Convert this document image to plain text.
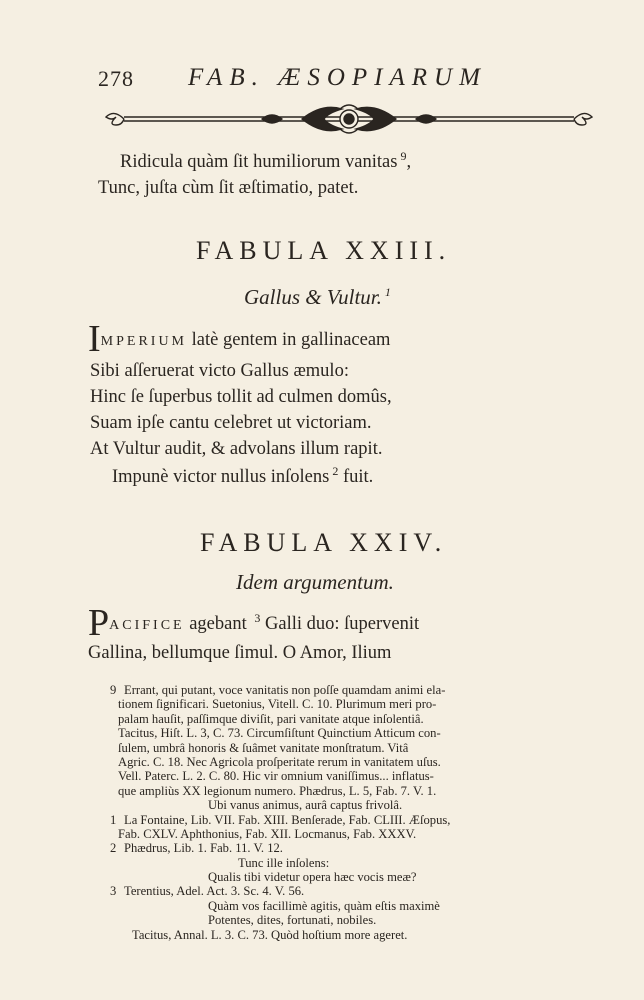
278 FAB. ÆSOPIARUM
Ridicula quàm ſit humiliorum vanitas $^9$,
Tunc, juſta cùm ſit æſtimatio, patet.
FABULA XXIII.
Gallus & Vultur. $^1$
IMPERIUM latè gentem in gallinaceam
Sibi aſſeruerat victo Gallus æmulo:
Hinc ſe ſuperbus tollit ad culmen domûs,
Suam ipſe cantu celebret ut victoriam.
At Vultur audit, & advolans illum rapit.
Impunè victor nullus inſolens $^2$ fuit.
FABULA XXIV.
Idem argumentum.
PACIFICE agebant $^3$ Galli duo: ſupervenit
Gallina, bellumque ſimul. O Amor, Ilium
9 Errant, qui putant, voce vanitatis non poſſe quamdam animi ela-
tionem ſignificari. Suetonius, Vitell. C. 10. Plurimum meri pro-
palam hauſit, paſſimque diviſit, pari vanitate atque inſolentiâ.
Tacitus, Hiſt. L. 3, C. 73. Circumſiſtunt Quinctium Atticum con-
ſulem, umbrâ honoris & ſuâmet vanitate monſtratum. Vitâ
Agric. C. 18. Nec Agricola proſperitate rerum in vanitatem uſus.
Vell. Paterc. L. 2. C. 80. Hic vir omnium vaniſſimus... inflatus-
que ampliùs XX legionum numero. Phædrus, L. 5, Fab. 7. V. 1.
Ubi vanus animus, aurâ captus frivolâ.
1 La Fontaine, Lib. VII. Fab. XIII. Benſerade, Fab. CLIII. Æſopus,
Fab. CXLV. Aphthonius, Fab. XII. Locmanus, Fab. XXXV.
2 Phædrus, Lib. 1. Fab. 11. V. 12.
Tunc ille inſolens:
Qualis tibi videtur opera hæc vocis meæ?
3 Terentius, Adel. Act. 3. Sc. 4. V. 56.
Quàm vos facillimè agitis, quàm eſtis maximè
Potentes, dites, fortunati, nobiles.
Tacitus, Annal. L. 3. C. 73. Quòd hoſtium more ageret.
